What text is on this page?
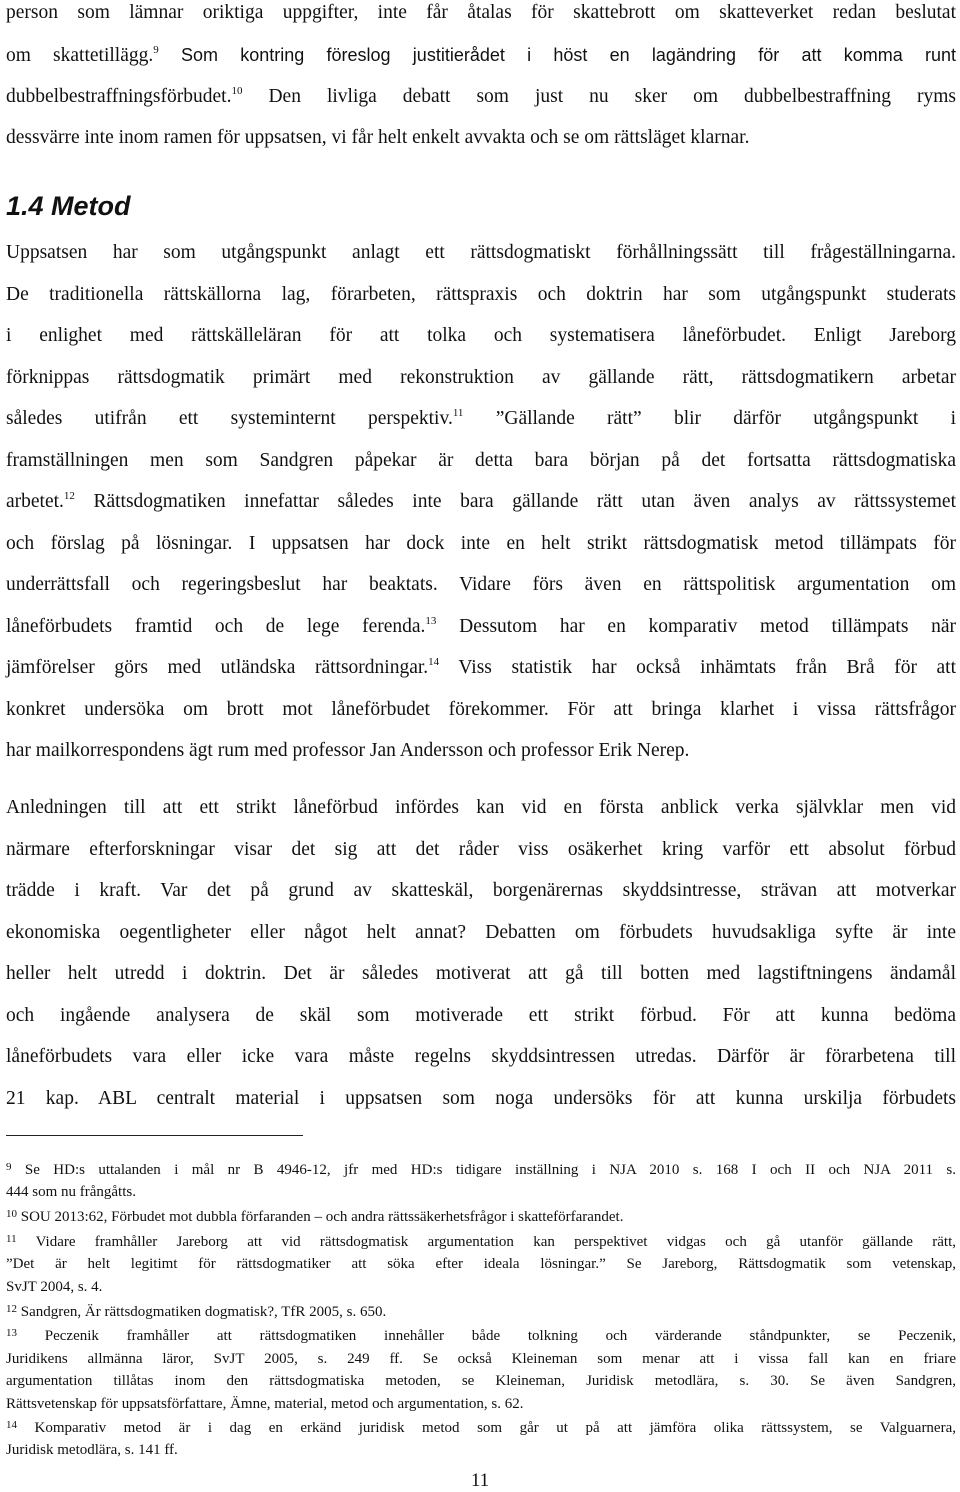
person som lämnar oriktiga uppgifter, inte får åtalas för skattebrott om skatteverket redan beslutat
om skattetillägg.$^9$ Som kontring föreslog justitierådet i höst en lagändring för att komma runt
dubbelbestraffningsförbudet.$^{10}$ Den livliga debatt som just nu sker om dubbelbestraffning ryms
dessvärre inte inom ramen för uppsatsen, vi får helt enkelt avvakta och se om rättsläget klarnar.
1.4 Metod
Uppsatsen har som utgångspunkt anlagt ett rättsdogmatiskt förhållningssätt till frågeställningarna.
De traditionella rättskällorna lag, förarbeten, rättspraxis och doktrin har som utgångspunkt studerats
i enlighet med rättskälleläran för att tolka och systematisera låneförbudet. Enligt Jareborg
förknippas rättsdogmatik primärt med rekonstruktion av gällande rätt, rättsdogmatikern arbetar
således utifrån ett systeminternt perspektiv.$^{11}$ ”Gällande rätt” blir därför utgångspunkt i
framställningen men som Sandgren påpekar är detta bara början på det fortsatta rättsdogmatiska
arbetet.$^{12}$ Rättsdogmatiken innefattar således inte bara gällande rätt utan även analys av rättssystemet
och förslag på lösningar. I uppsatsen har dock inte en helt strikt rättsdogmatisk metod tillämpats för
underrättsfall och regeringsbeslut har beaktats. Vidare förs även en rättspolitisk argumentation om
låneförbudets framtid och de lege ferenda.$^{13}$ Dessutom har en komparativ metod tillämpats när
jämförelser görs med utländska rättsordningar.$^{14}$ Viss statistik har också inhämtats från Brå för att
konkret undersöka om brott mot låneförbudet förekommer. För att bringa klarhet i vissa rättsfrågor
har mailkorrespondens ägt rum med professor Jan Andersson och professor Erik Nerep.
Anledningen till att ett strikt låneförbud infördes kan vid en första anblick verka självklar men vid
närmare efterforskningar visar det sig att det råder viss osäkerhet kring varför ett absolut förbud
trädde i kraft. Var det på grund av skatteskäl, borgenärernas skyddsintresse, strävan att motverkar
ekonomiska oegentligheter eller något helt annat? Debatten om förbudets huvudsakliga syfte är inte
heller helt utredd i doktrin. Det är således motiverat att gå till botten med lagstiftningens ändamål
och ingående analysera de skäl som motiverade ett strikt förbud. För att kunna bedöma
låneförbudets vara eller icke vara måste regelns skyddsintressen utredas. Därför är förarbetena till
21 kap. ABL centralt material i uppsatsen som noga undersöks för att kunna urskilja förbudets
$^9$ Se HD:s uttalanden i mål nr B 4946-12, jfr med HD:s tidigare inställning i NJA 2010 s. 168 I och II och NJA 2011 s.
444 som nu frångåtts.
$^{10}$ SOU 2013:62, Förbudet mot dubbla förfaranden – och andra rättssäkerhetsfrågor i skatteförfarandet.
$^{11}$ Vidare framhåller Jareborg att vid rättsdogmatisk argumentation kan perspektivet vidgas och gå utanför gällande rätt,
”Det är helt legitimt för rättsdogmatiker att söka efter ideala lösningar.” Se Jareborg, Rättsdogmatik som vetenskap,
SvJT 2004, s. 4.
$^{12}$ Sandgren, Är rättsdogmatiken dogmatisk?, TfR 2005, s. 650.
$^{13}$ Peczenik framhåller att rättsdogmatiken innehåller både tolkning och värderande ståndpunkter, se Peczenik,
Juridikens allmänna läror, SvJT 2005, s. 249 ff. Se också Kleineman som menar att i vissa fall kan en friare
argumentation tillåtas inom den rättsdogmatiska metoden, se Kleineman, Juridisk metodlära, s. 30. Se även Sandgren,
Rättsvetenskap för uppsatsförfattare, Ämne, material, metod och argumentation, s. 62.
$^{14}$ Komparativ metod är i dag en erkänd juridisk metod som går ut på att jämföra olika rättssystem, se Valguarnera,
Juridisk metodlära, s. 141 ff.
11
